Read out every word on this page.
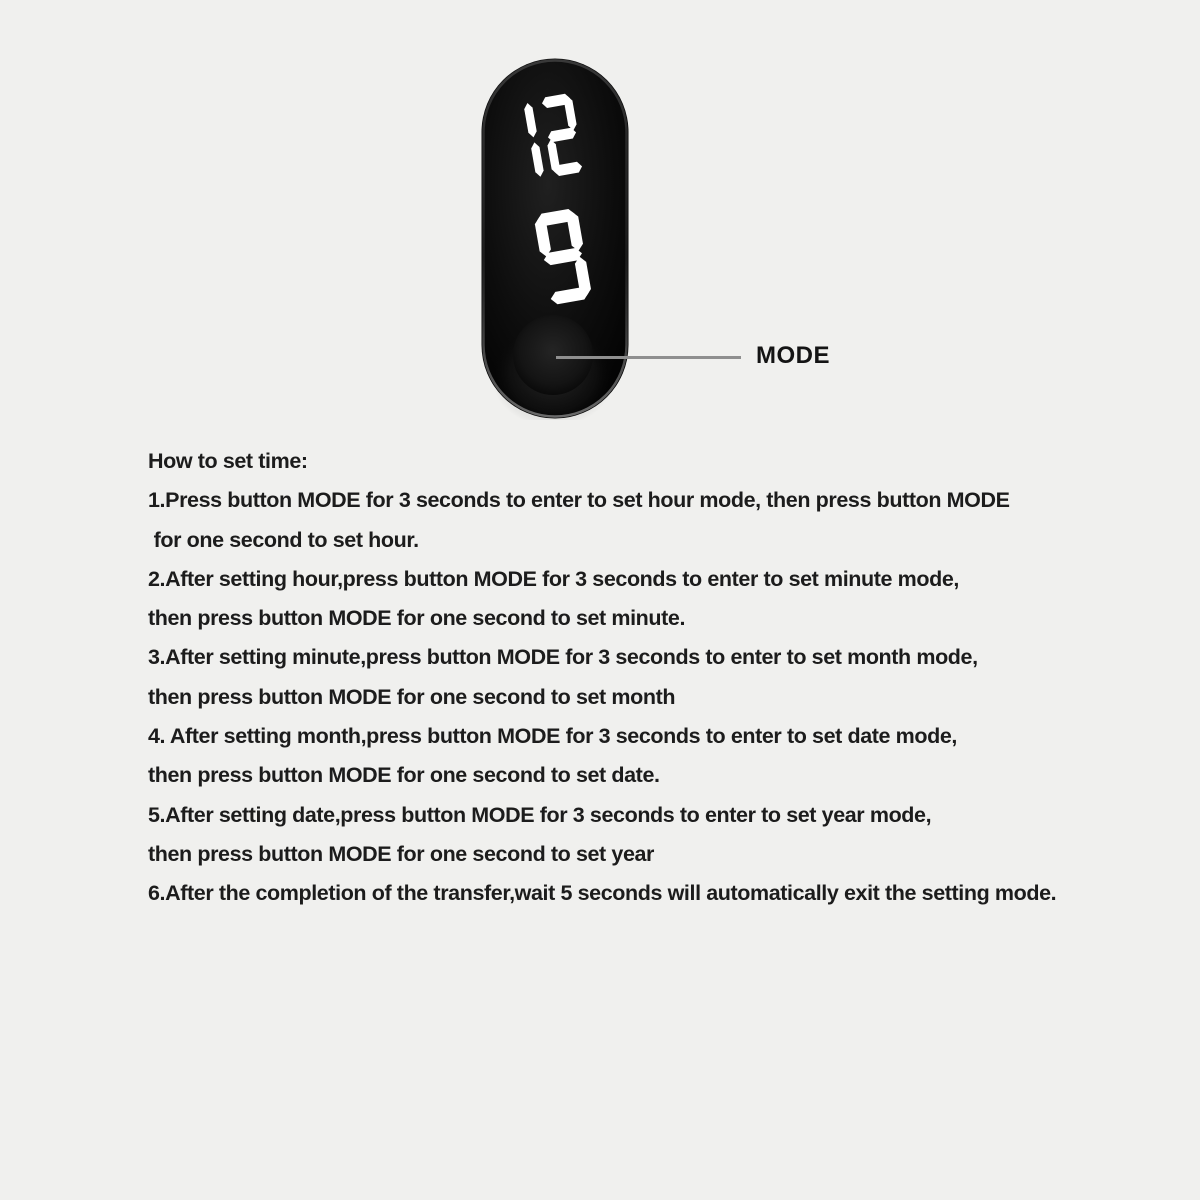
MODE
How to set time:
1.Press button MODE for 3 seconds to enter to set hour mode, then press button MODE
for one second to set hour.
2.After setting hour,press button MODE for 3 seconds to enter to set minute mode,
then press button MODE for one second to set minute.
3.After setting minute,press button MODE for 3 seconds to enter to set month mode,
then press button MODE for one second to set month
4. After setting month,press button MODE for 3 seconds to enter to set date mode,
then press button MODE for one second to set date.
5.After setting date,press button MODE for 3 seconds to enter to set year mode,
then press button MODE for one second to set year
6.After the completion of the transfer,wait 5 seconds will automatically exit the setting mode.
